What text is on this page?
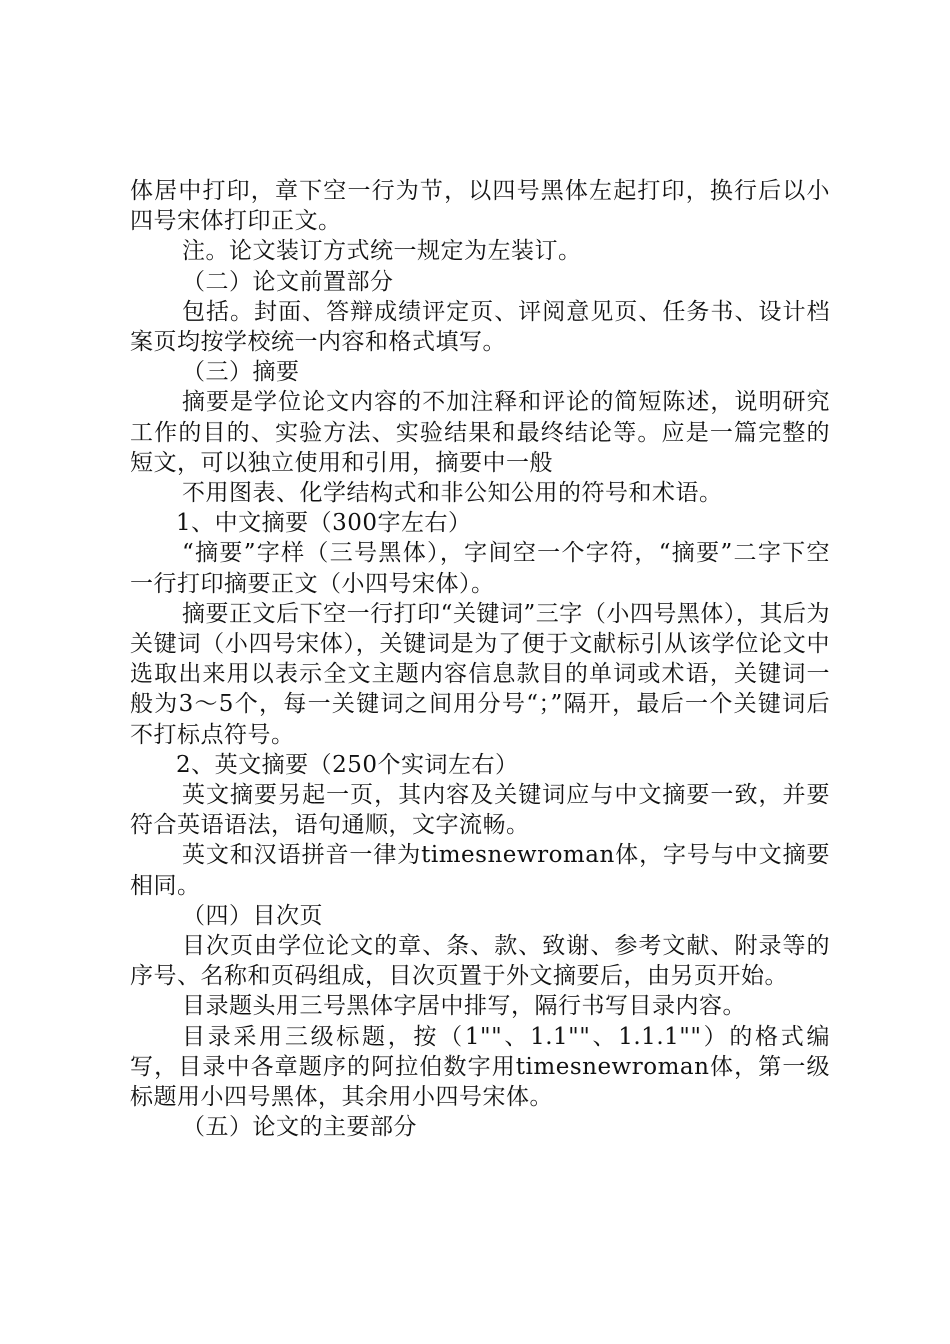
体居中打印，章下空一行为节，以四号黑体左起打印，换行后以小四号宋体打印正文。

注。论文装订方式统一规定为左装订。

（二）论文前置部分

包括。封面、答辩成绩评定页、评阅意见页、任务书、设计档案页均按学校统一内容和格式填写。

（三）摘要

摘要是学位论文内容的不加注释和评论的简短陈述，说明研究工作的目的、实验方法、实验结果和最终结论等。应是一篇完整的短文，可以独立使用和引用，摘要中一般

不用图表、化学结构式和非公知公用的符号和术语。

1、中文摘要（300字左右）

“摘要”字样（三号黑体），字间空一个字符，“摘要”二字下空一行打印摘要正文（小四号宋体）。

摘要正文后下空一行打印“关键词”三字（小四号黑体），其后为关键词（小四号宋体），关键词是为了便于文献标引从该学位论文中选取出来用以表示全文主题内容信息款目的单词或术语，关键词一般为3～5个，每一关键词之间用分号“；”隔开，最后一个关键词后不打标点符号。

2、英文摘要（250个实词左右）

英文摘要另起一页，其内容及关键词应与中文摘要一致，并要符合英语语法，语句通顺，文字流畅。

英文和汉语拼音一律为timesnewroman体，字号与中文摘要相同。

（四）目次页

目次页由学位论文的章、条、款、致谢、参考文献、附录等的序号、名称和页码组成，目次页置于外文摘要后，由另页开始。

目录题头用三号黑体字居中排写，隔行书写目录内容。

目录采用三级标题，按（1""、1.1""、1.1.1""）的格式编写，目录中各章题序的阿拉伯数字用timesnewroman体，第一级标题用小四号黑体，其余用小四号宋体。

（五）论文的主要部分
